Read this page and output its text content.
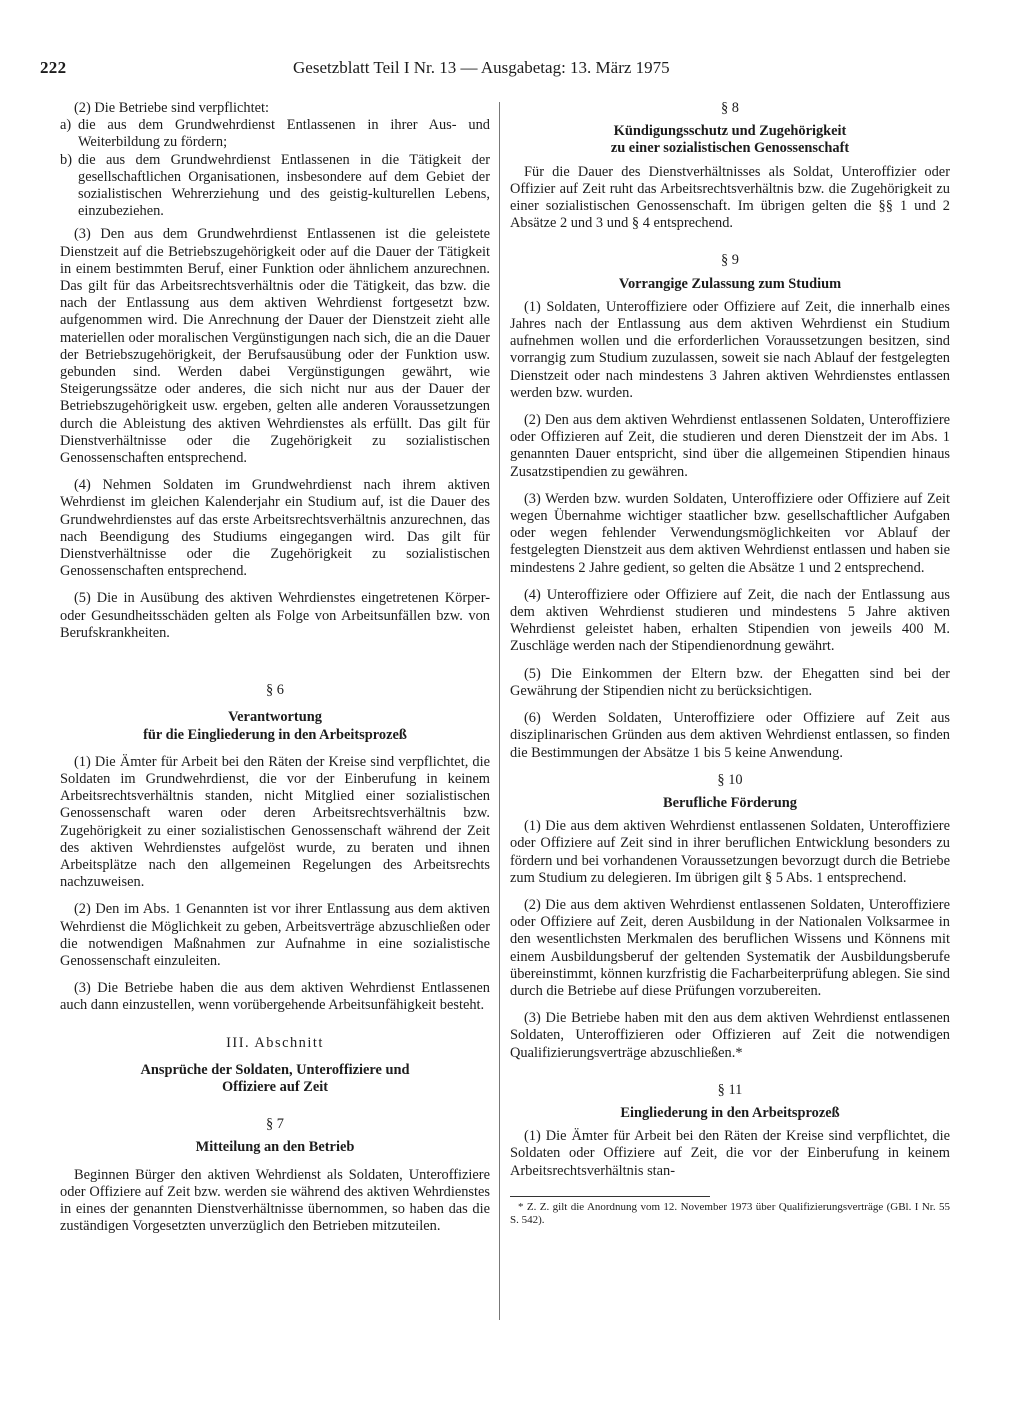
222	Gesetzblatt Teil I Nr. 13 — Ausgabetag: 13. März 1975

(2) Die Betriebe sind verpflichtet:

a) die aus dem Grundwehrdienst Entlassenen in ihrer Aus- und Weiterbildung zu fördern;
b) die aus dem Grundwehrdienst Entlassenen in die Tätigkeit der gesellschaftlichen Organisationen, insbesondere auf dem Gebiet der sozialistischen Wehrerziehung und des geistig-kulturellen Lebens, einzubeziehen.

(3) Den aus dem Grundwehrdienst Entlassenen ist die geleistete Dienstzeit auf die Betriebszugehörigkeit oder auf die Dauer der Tätigkeit in einem bestimmten Beruf, einer Funktion oder ähnlichem anzurechnen. Das gilt für das Arbeitsrechtsverhältnis oder die Tätigkeit, das bzw. die nach der Entlassung aus dem aktiven Wehrdienst fortgesetzt bzw. aufgenommen wird. Die Anrechnung der Dauer der Dienstzeit zieht alle materiellen oder moralischen Vergünstigungen nach sich, die an die Dauer der Betriebszugehörigkeit, der Berufsausübung oder der Funktion usw. gebunden sind. Werden dabei Vergünstigungen gewährt, wie Steigerungssätze oder anderes, die sich nicht nur aus der Dauer der Betriebszugehörigkeit usw. ergeben, gelten alle anderen Voraussetzungen durch die Ableistung des aktiven Wehrdienstes als erfüllt. Das gilt für Dienstverhältnisse oder die Zugehörigkeit zu sozialistischen Genossenschaften entsprechend.

(4) Nehmen Soldaten im Grundwehrdienst nach ihrem aktiven Wehrdienst im gleichen Kalenderjahr ein Studium auf, ist die Dauer des Grundwehrdienstes auf das erste Arbeitsrechtsverhältnis anzurechnen, das nach Beendigung des Studiums eingegangen wird. Das gilt für Dienstverhältnisse oder die Zugehörigkeit zu sozialistischen Genossenschaften entsprechend.

(5) Die in Ausübung des aktiven Wehrdienstes eingetretenen Körper- oder Gesundheitsschäden gelten als Folge von Arbeitsunfällen bzw. von Berufskrankheiten.

§ 6

Verantwortung

für die Eingliederung in den Arbeitsprozeß

(1) Die Ämter für Arbeit bei den Räten der Kreise sind verpflichtet, die Soldaten im Grundwehrdienst, die vor der Einberufung in keinem Arbeitsrechtsverhältnis standen, nicht Mitglied einer sozialistischen Genossenschaft waren oder deren Arbeitsrechtsverhältnis bzw. Zugehörigkeit zu einer sozialistischen Genossenschaft während der Zeit des aktiven Wehrdienstes aufgelöst wurde, zu beraten und ihnen Arbeitsplätze nach den allgemeinen Regelungen des Arbeitsrechts nachzuweisen.

(2) Den im Abs. 1 Genannten ist vor ihrer Entlassung aus dem aktiven Wehrdienst die Möglichkeit zu geben, Arbeitsverträge abzuschließen oder die notwendigen Maßnahmen zur Aufnahme in eine sozialistische Genossenschaft einzuleiten.

(3) Die Betriebe haben die aus dem aktiven Wehrdienst Entlassenen auch dann einzustellen, wenn vorübergehende Arbeitsunfähigkeit besteht.

III. Abschnitt

Ansprüche der Soldaten, Unteroffiziere und

Offiziere auf Zeit

§ 7

Mitteilung an den Betrieb

Beginnen Bürger den aktiven Wehrdienst als Soldaten, Unteroffiziere oder Offiziere auf Zeit bzw. werden sie während des aktiven Wehrdienstes in eines der genannten Dienstverhältnisse übernommen, so haben das die zuständigen Vorgesetzten unverzüglich den Betrieben mitzuteilen.

§ 8

Kündigungsschutz und Zugehörigkeit

zu einer sozialistischen Genossenschaft

Für die Dauer des Dienstverhältnisses als Soldat, Unteroffizier oder Offizier auf Zeit ruht das Arbeitsrechtsverhältnis bzw. die Zugehörigkeit zu einer sozialistischen Genossenschaft. Im übrigen gelten die §§ 1 und 2 Absätze 2 und 3 und § 4 entsprechend.

§ 9

Vorrangige Zulassung zum Studium

(1) Soldaten, Unteroffiziere oder Offiziere auf Zeit, die innerhalb eines Jahres nach der Entlassung aus dem aktiven Wehrdienst ein Studium aufnehmen wollen und die erforderlichen Voraussetzungen besitzen, sind vorrangig zum Studium zuzulassen, soweit sie nach Ablauf der festgelegten Dienstzeit oder nach mindestens 3 Jahren aktiven Wehrdienstes entlassen werden bzw. wurden.

(2) Den aus dem aktiven Wehrdienst entlassenen Soldaten, Unteroffiziere oder Offizieren auf Zeit, die studieren und deren Dienstzeit der im Abs. 1 genannten Dauer entspricht, sind über die allgemeinen Stipendien hinaus Zusatzstipendien zu gewähren.

(3) Werden bzw. wurden Soldaten, Unteroffiziere oder Offiziere auf Zeit wegen Übernahme wichtiger staatlicher bzw. gesellschaftlicher Aufgaben oder wegen fehlender Verwendungsmöglichkeiten vor Ablauf der festgelegten Dienstzeit aus dem aktiven Wehrdienst entlassen und haben sie mindestens 2 Jahre gedient, so gelten die Absätze 1 und 2 entsprechend.

(4) Unteroffiziere oder Offiziere auf Zeit, die nach der Entlassung aus dem aktiven Wehrdienst studieren und mindestens 5 Jahre aktiven Wehrdienst geleistet haben, erhalten Stipendien von jeweils 400 M. Zuschläge werden nach der Stipendienordnung gewährt.

(5) Die Einkommen der Eltern bzw. der Ehegatten sind bei der Gewährung der Stipendien nicht zu berücksichtigen.

(6) Werden Soldaten, Unteroffiziere oder Offiziere auf Zeit aus disziplinarischen Gründen aus dem aktiven Wehrdienst entlassen, so finden die Bestimmungen der Absätze 1 bis 5 keine Anwendung.

§ 10

Berufliche Förderung

(1) Die aus dem aktiven Wehrdienst entlassenen Soldaten, Unteroffiziere oder Offiziere auf Zeit sind in ihrer beruflichen Entwicklung besonders zu fördern und bei vorhandenen Voraussetzungen bevorzugt durch die Betriebe zum Studium zu delegieren. Im übrigen gilt § 5 Abs. 1 entsprechend.

(2) Die aus dem aktiven Wehrdienst entlassenen Soldaten, Unteroffiziere oder Offiziere auf Zeit, deren Ausbildung in der Nationalen Volksarmee in den wesentlichsten Merkmalen des beruflichen Wissens und Könnens mit einem Ausbildungsberuf der geltenden Systematik der Ausbildungsberufe übereinstimmt, können kurzfristig die Facharbeiterprüfung ablegen. Sie sind durch die Betriebe auf diese Prüfungen vorzubereiten.

(3) Die Betriebe haben mit den aus dem aktiven Wehrdienst entlassenen Soldaten, Unteroffizieren oder Offizieren auf Zeit die notwendigen Qualifizierungsverträge abzuschließen.*

§ 11

Eingliederung in den Arbeitsprozeß

(1) Die Ämter für Arbeit bei den Räten der Kreise sind verpflichtet, die Soldaten oder Offiziere auf Zeit, die vor der Einberufung in keinem Arbeitsrechtsverhältnis stan-

* Z. Z. gilt die Anordnung vom 12. November 1973 über Qualifizierungsverträge (GBl. I Nr. 55 S. 542).
